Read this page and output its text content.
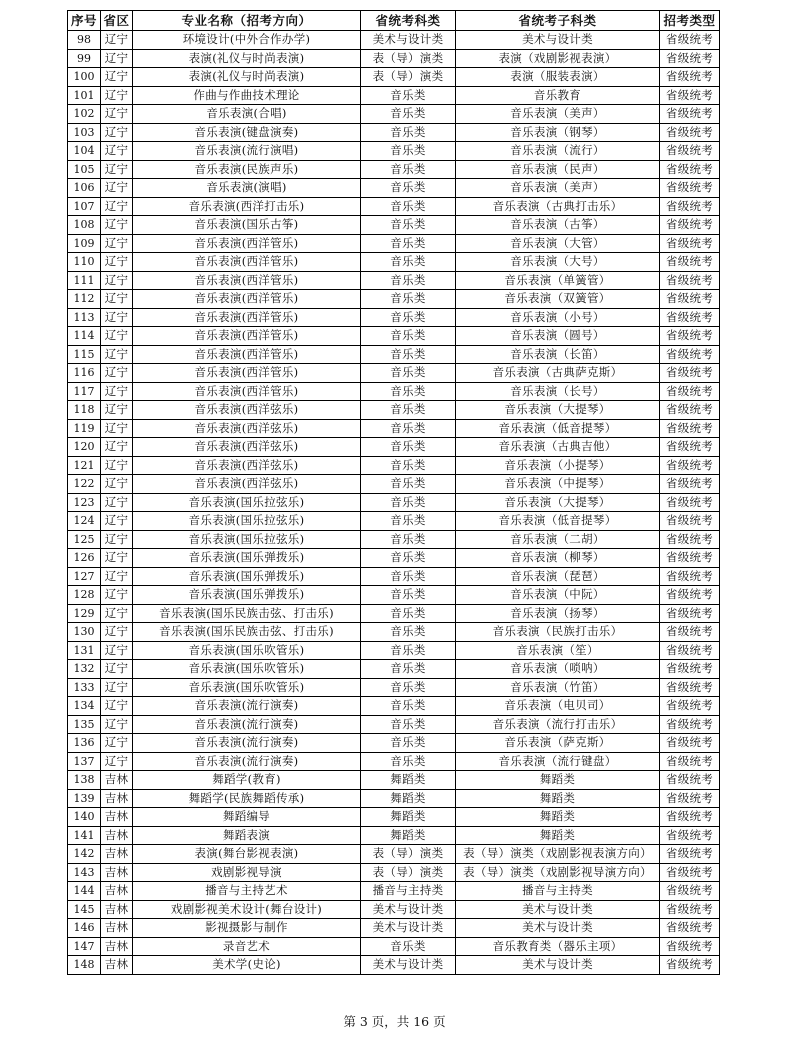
序号	省区	专业名称（招考方向）	省统考科类	省统考子科类	招考类型
98	辽宁	环境设计(中外合作办学)	美术与设计类	美术与设计类	省级统考
99	辽宁	表演(礼仪与时尚表演)	表（导）演类	表演（戏剧影视表演）	省级统考
100	辽宁	表演(礼仪与时尚表演)	表（导）演类	表演（服装表演）	省级统考
101	辽宁	作曲与作曲技术理论	音乐类	音乐教育	省级统考
102	辽宁	音乐表演(合唱)	音乐类	音乐表演（美声）	省级统考
103	辽宁	音乐表演(键盘演奏)	音乐类	音乐表演（钢琴）	省级统考
104	辽宁	音乐表演(流行演唱)	音乐类	音乐表演（流行）	省级统考
105	辽宁	音乐表演(民族声乐)	音乐类	音乐表演（民声）	省级统考
106	辽宁	音乐表演(演唱)	音乐类	音乐表演（美声）	省级统考
107	辽宁	音乐表演(西洋打击乐)	音乐类	音乐表演（古典打击乐）	省级统考
108	辽宁	音乐表演(国乐古筝)	音乐类	音乐表演（古筝）	省级统考
109	辽宁	音乐表演(西洋管乐)	音乐类	音乐表演（大管）	省级统考
110	辽宁	音乐表演(西洋管乐)	音乐类	音乐表演（大号）	省级统考
111	辽宁	音乐表演(西洋管乐)	音乐类	音乐表演（单簧管）	省级统考
112	辽宁	音乐表演(西洋管乐)	音乐类	音乐表演（双簧管）	省级统考
113	辽宁	音乐表演(西洋管乐)	音乐类	音乐表演（小号）	省级统考
114	辽宁	音乐表演(西洋管乐)	音乐类	音乐表演（圆号）	省级统考
115	辽宁	音乐表演(西洋管乐)	音乐类	音乐表演（长笛）	省级统考
116	辽宁	音乐表演(西洋管乐)	音乐类	音乐表演（古典萨克斯）	省级统考
117	辽宁	音乐表演(西洋管乐)	音乐类	音乐表演（长号）	省级统考
118	辽宁	音乐表演(西洋弦乐)	音乐类	音乐表演（大提琴）	省级统考
119	辽宁	音乐表演(西洋弦乐)	音乐类	音乐表演（低音提琴）	省级统考
120	辽宁	音乐表演(西洋弦乐)	音乐类	音乐表演（古典吉他）	省级统考
121	辽宁	音乐表演(西洋弦乐)	音乐类	音乐表演（小提琴）	省级统考
122	辽宁	音乐表演(西洋弦乐)	音乐类	音乐表演（中提琴）	省级统考
123	辽宁	音乐表演(国乐拉弦乐)	音乐类	音乐表演（大提琴）	省级统考
124	辽宁	音乐表演(国乐拉弦乐)	音乐类	音乐表演（低音提琴）	省级统考
125	辽宁	音乐表演(国乐拉弦乐)	音乐类	音乐表演（二胡）	省级统考
126	辽宁	音乐表演(国乐弹拨乐)	音乐类	音乐表演（柳琴）	省级统考
127	辽宁	音乐表演(国乐弹拨乐)	音乐类	音乐表演（琵琶）	省级统考
128	辽宁	音乐表演(国乐弹拨乐)	音乐类	音乐表演（中阮）	省级统考
129	辽宁	音乐表演(国乐民族击弦、打击乐)	音乐类	音乐表演（扬琴）	省级统考
130	辽宁	音乐表演(国乐民族击弦、打击乐)	音乐类	音乐表演（民族打击乐）	省级统考
131	辽宁	音乐表演(国乐吹管乐)	音乐类	音乐表演（笙）	省级统考
132	辽宁	音乐表演(国乐吹管乐)	音乐类	音乐表演（唢呐）	省级统考
133	辽宁	音乐表演(国乐吹管乐)	音乐类	音乐表演（竹笛）	省级统考
134	辽宁	音乐表演(流行演奏)	音乐类	音乐表演（电贝司）	省级统考
135	辽宁	音乐表演(流行演奏)	音乐类	音乐表演（流行打击乐）	省级统考
136	辽宁	音乐表演(流行演奏)	音乐类	音乐表演（萨克斯）	省级统考
137	辽宁	音乐表演(流行演奏)	音乐类	音乐表演（流行键盘）	省级统考
138	吉林	舞蹈学(教育)	舞蹈类	舞蹈类	省级统考
139	吉林	舞蹈学(民族舞蹈传承)	舞蹈类	舞蹈类	省级统考
140	吉林	舞蹈编导	舞蹈类	舞蹈类	省级统考
141	吉林	舞蹈表演	舞蹈类	舞蹈类	省级统考
142	吉林	表演(舞台影视表演)	表（导）演类	表（导）演类（戏剧影视表演方向）	省级统考
143	吉林	戏剧影视导演	表（导）演类	表（导）演类（戏剧影视导演方向）	省级统考
144	吉林	播音与主持艺术	播音与主持类	播音与主持类	省级统考
145	吉林	戏剧影视美术设计(舞台设计)	美术与设计类	美术与设计类	省级统考
146	吉林	影视摄影与制作	美术与设计类	美术与设计类	省级统考
147	吉林	录音艺术	音乐类	音乐教育类（器乐主项）	省级统考
148	吉林	美术学(史论)	美术与设计类	美术与设计类	省级统考
第 3 页，共 16 页
